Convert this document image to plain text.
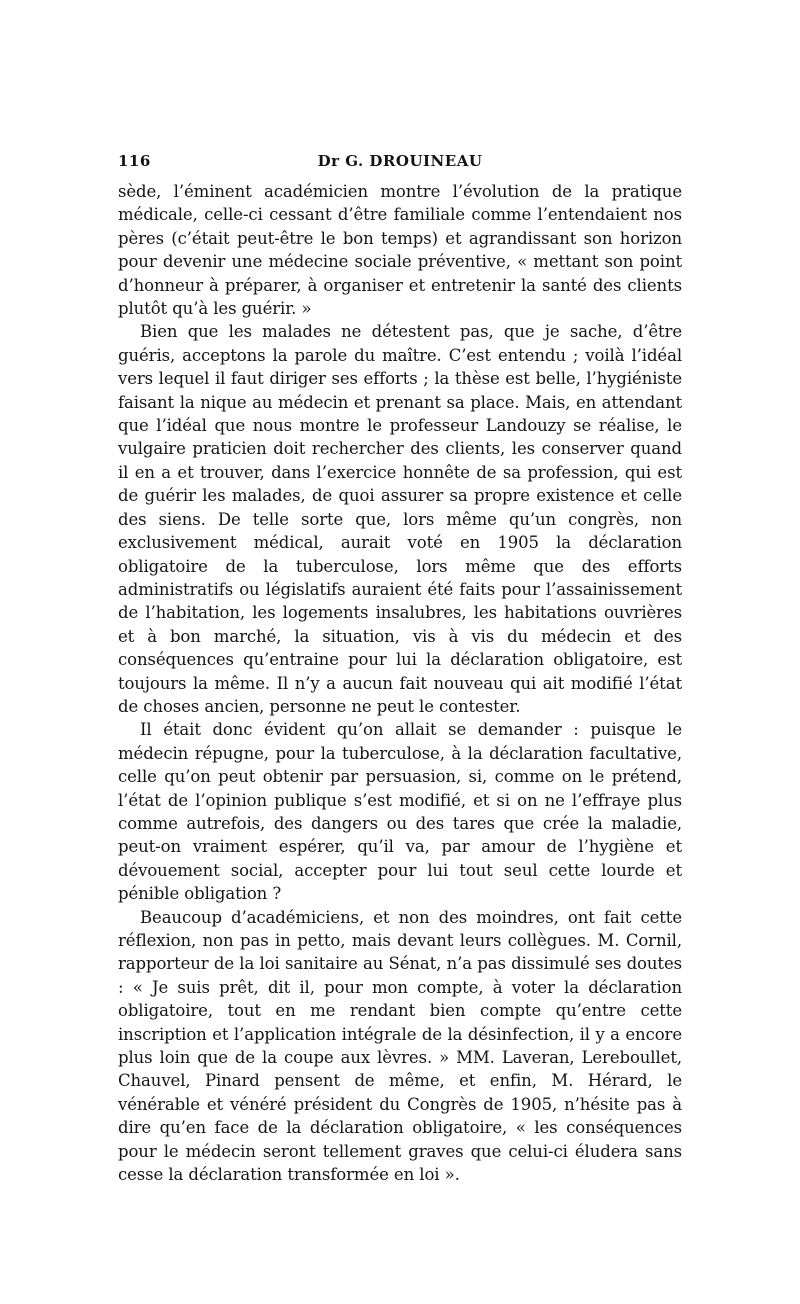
116	Dr G. DROUINEAU

sède, l’éminent académicien montre l’évolution de la pratique médicale, celle-ci cessant d’être familiale comme l’entendaient nos pères (c’était peut-être le bon temps) et agrandissant son horizon pour devenir une médecine sociale préventive, « mettant son point d’honneur à préparer, à organiser et entretenir la santé des clients plutôt qu’à les guérir. »

Bien que les malades ne détestent pas, que je sache, d’être guéris, acceptons la parole du maître. C’est entendu ; voilà l’idéal vers lequel il faut diriger ses efforts ; la thèse est belle, l’hygiéniste faisant la nique au médecin et prenant sa place. Mais, en attendant que l’idéal que nous montre le professeur Landouzy se réalise, le vulgaire praticien doit rechercher des clients, les conserver quand il en a et trouver, dans l’exercice honnête de sa profession, qui est de guérir les malades, de quoi assurer sa propre existence et celle des siens. De telle sorte que, lors même qu’un congrès, non exclusivement médical, aurait voté en 1905 la déclaration obligatoire de la tuberculose, lors même que des efforts administratifs ou législatifs auraient été faits pour l’assainissement de l’habitation, les logements insalubres, les habitations ouvrières et à bon marché, la situation, vis à vis du médecin et des conséquences qu’entraine pour lui la déclaration obligatoire, est toujours la même. Il n’y a aucun fait nouveau qui ait modifié l’état de choses ancien, personne ne peut le contester.

Il était donc évident qu’on allait se demander : puisque le médecin répugne, pour la tuberculose, à la déclaration facultative, celle qu’on peut obtenir par persuasion, si, comme on le prétend, l’état de l’opinion publique s’est modifié, et si on ne l’effraye plus comme autrefois, des dangers ou des tares que crée la maladie, peut-on vraiment espérer, qu’il va, par amour de l’hygiène et dévouement social, accepter pour lui tout seul cette lourde et pénible obligation ?

Beaucoup d’académiciens, et non des moindres, ont fait cette réflexion, non pas in petto, mais devant leurs collègues. M. Cornil, rapporteur de la loi sanitaire au Sénat, n’a pas dissimulé ses doutes : « Je suis prêt, dit il, pour mon compte, à voter la déclaration obligatoire, tout en me rendant bien compte qu’entre cette inscription et l’application intégrale de la désinfection, il y a encore plus loin que de la coupe aux lèvres. » MM. Laveran, Lereboullet, Chauvel, Pinard pensent de même, et enfin, M. Hérard, le vénérable et vénéré président du Congrès de 1905, n’hésite pas à dire qu’en face de la déclaration obligatoire, « les conséquences pour le médecin seront tellement graves que celui-ci éludera sans cesse la déclaration transformée en loi ».
